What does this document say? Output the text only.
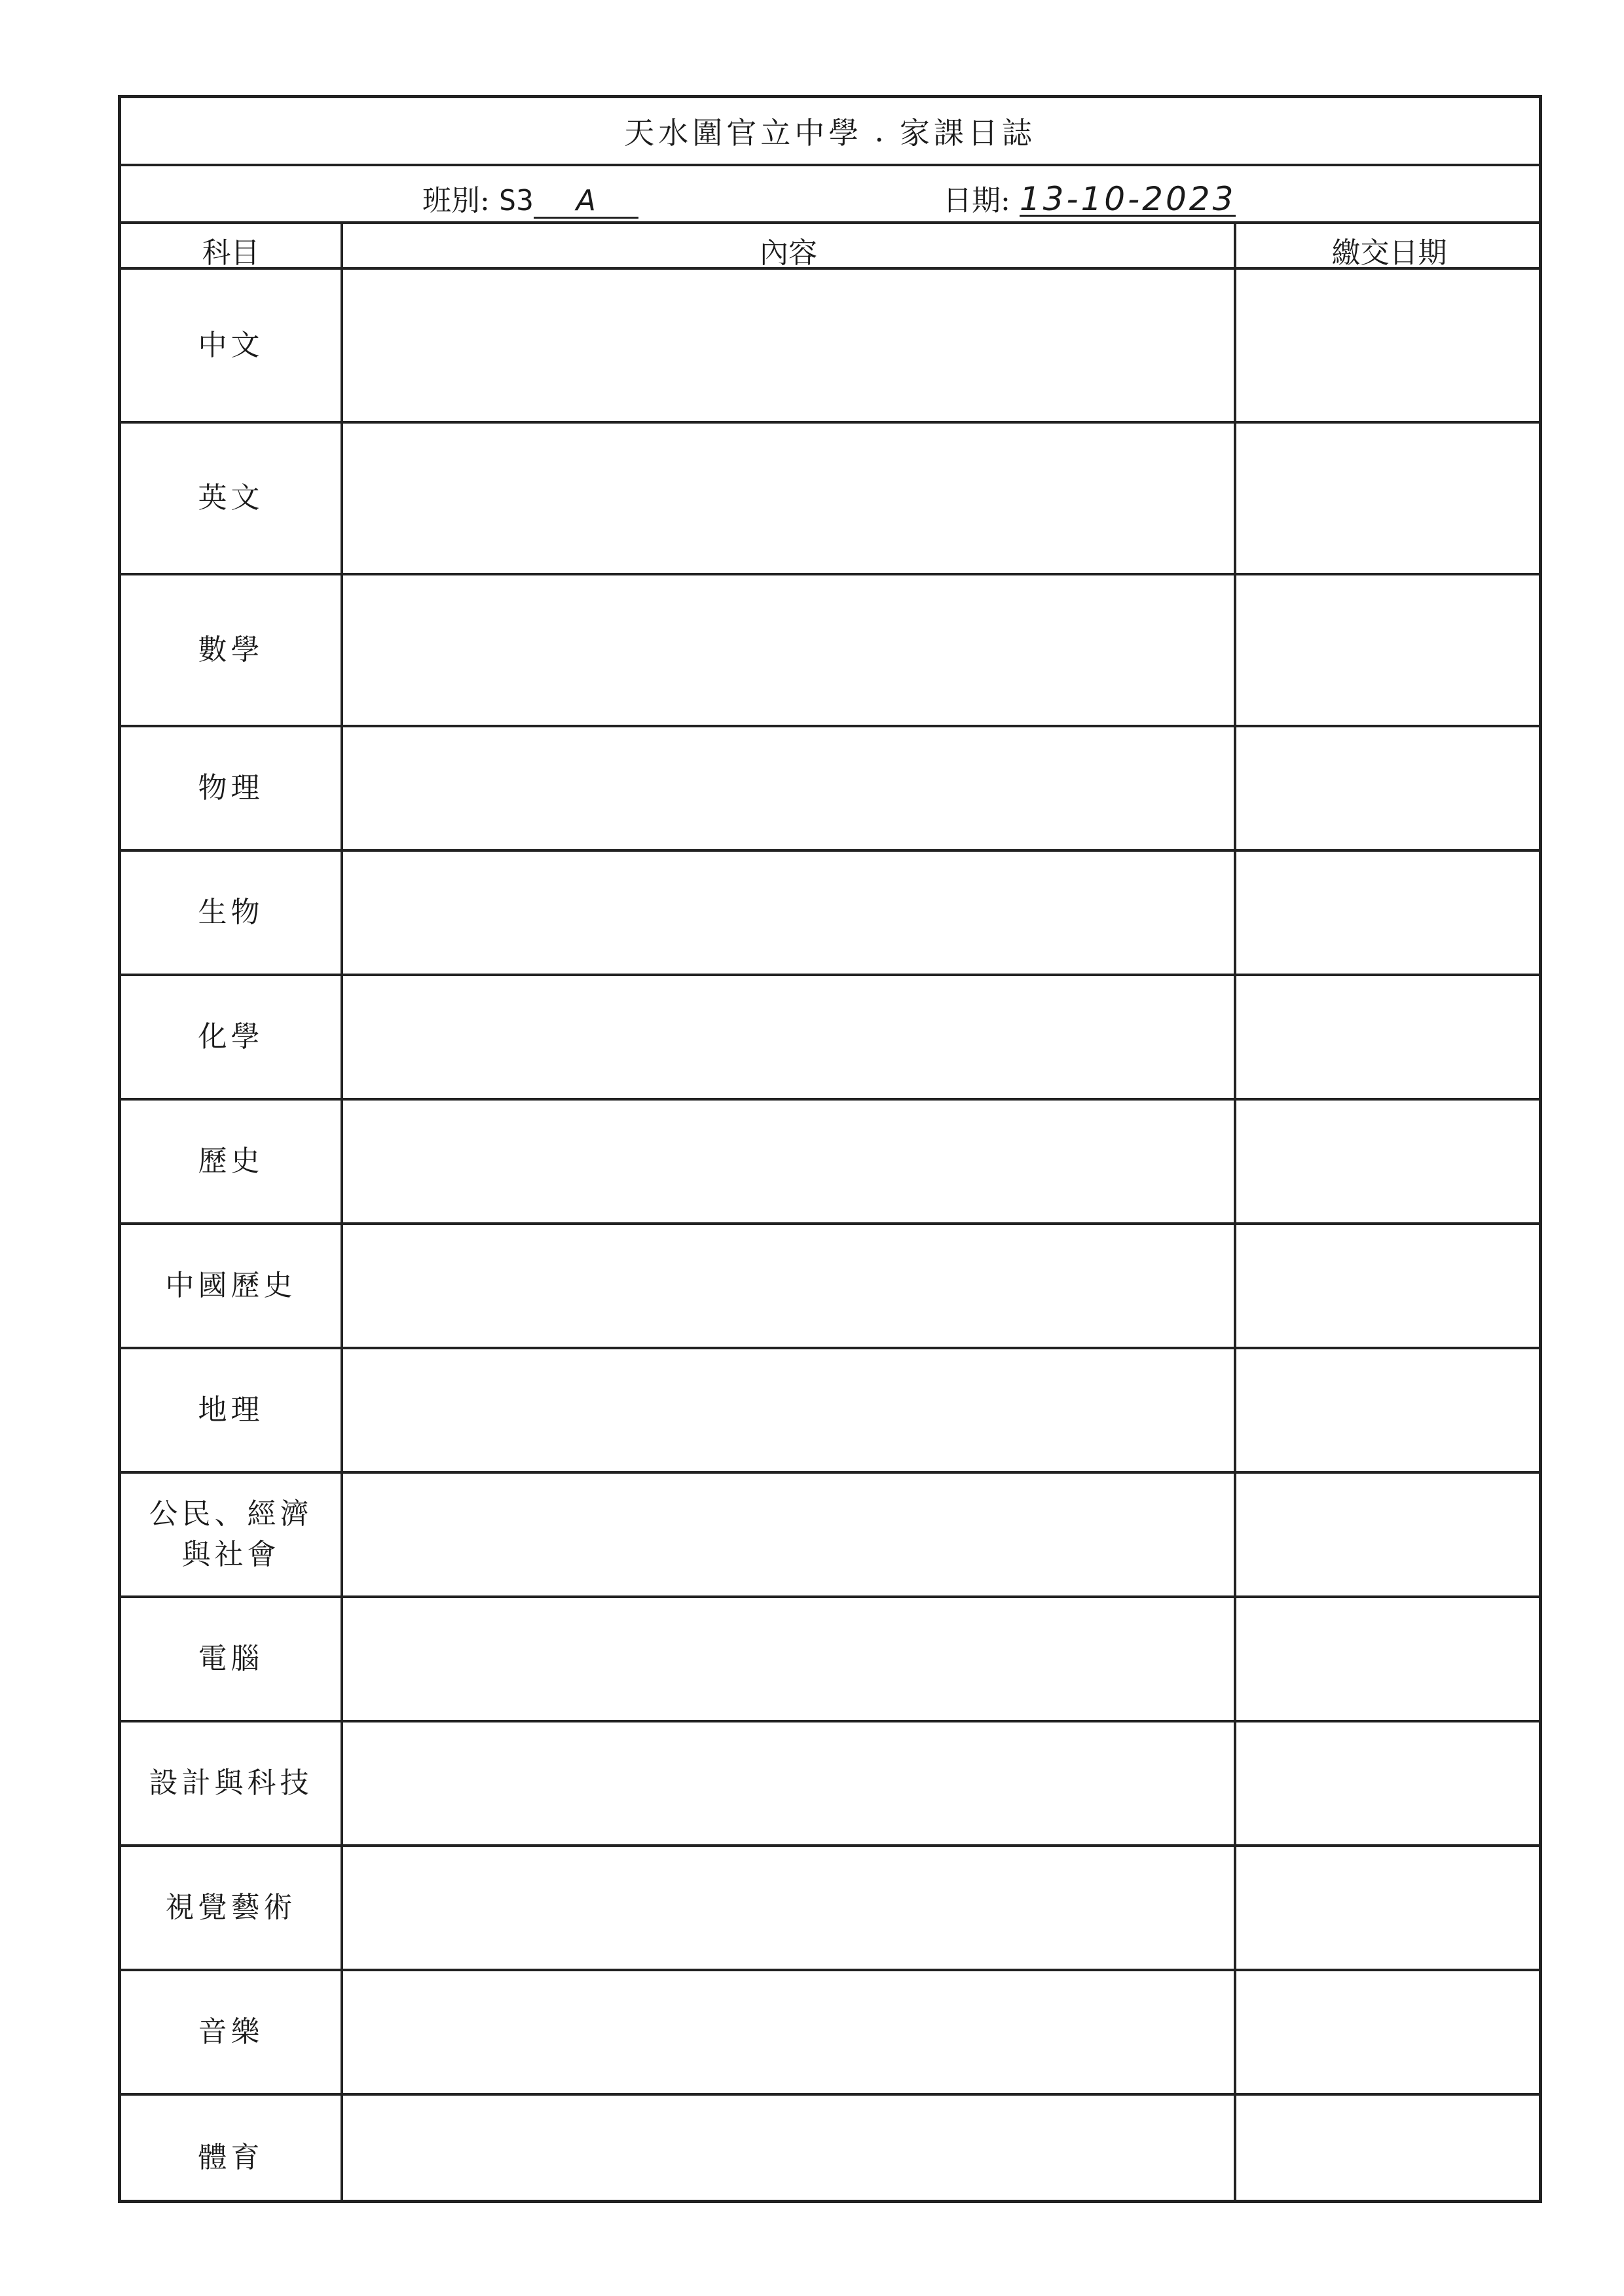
天水圍官立中學 . 家課日誌
班別: S3 A	日期: 13-10-2023
科目	內容	繳交日期
中文
英文
數學
物理
生物
化學
歷史
中國歷史
地理
公民、經濟
與社會
電腦
設計與科技
視覺藝術
音樂
體育
